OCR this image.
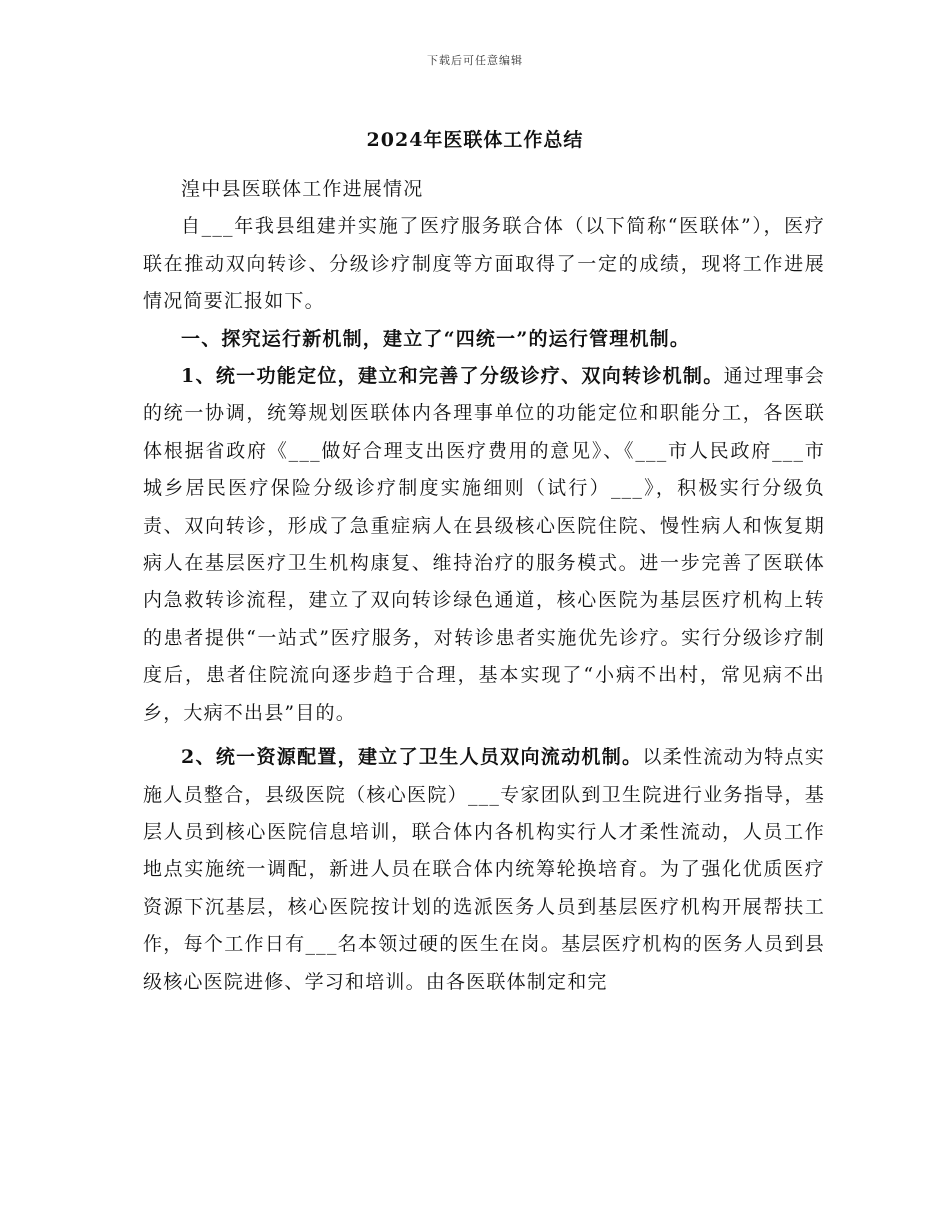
下载后可任意编辑
2024年医联体工作总结

湟中县医联体工作进展情况

自___年我县组建并实施了医疗服务联合体（以下简称“医联体”），医疗联在推动双向转诊、分级诊疗制度等方面取得了一定的成绩，现将工作进展情况简要汇报如下。

一、探究运行新机制，建立了“四统一”的运行管理机制。

1、统一功能定位，建立和完善了分级诊疗、双向转诊机制。通过理事会的统一协调，统筹规划医联体内各理事单位的功能定位和职能分工，各医联体根据省政府《___做好合理支出医疗费用的意见》、《___市人民政府___市城乡居民医疗保险分级诊疗制度实施细则（试行）___》，积极实行分级负责、双向转诊，形成了急重症病人在县级核心医院住院、慢性病人和恢复期病人在基层医疗卫生机构康复、维持治疗的服务模式。进一步完善了医联体内急救转诊流程，建立了双向转诊绿色通道，核心医院为基层医疗机构上转的患者提供“一站式”医疗服务，对转诊患者实施优先诊疗。实行分级诊疗制度后，患者住院流向逐步趋于合理，基本实现了“小病不出村，常见病不出乡，大病不出县”目的。

2、统一资源配置，建立了卫生人员双向流动机制。以柔性流动为特点实施人员整合，县级医院（核心医院）___专家团队到卫生院进行业务指导，基层人员到核心医院信息培训，联合体内各机构实行人才柔性流动，人员工作地点实施统一调配，新进人员在联合体内统筹轮换培育。为了强化优质医疗资源下沉基层，核心医院按计划的选派医务人员到基层医疗机构开展帮扶工作，每个工作日有___名本领过硬的医生在岗。基层医疗机构的医务人员到县级核心医院进修、学习和培训。由各医联体制定和完
